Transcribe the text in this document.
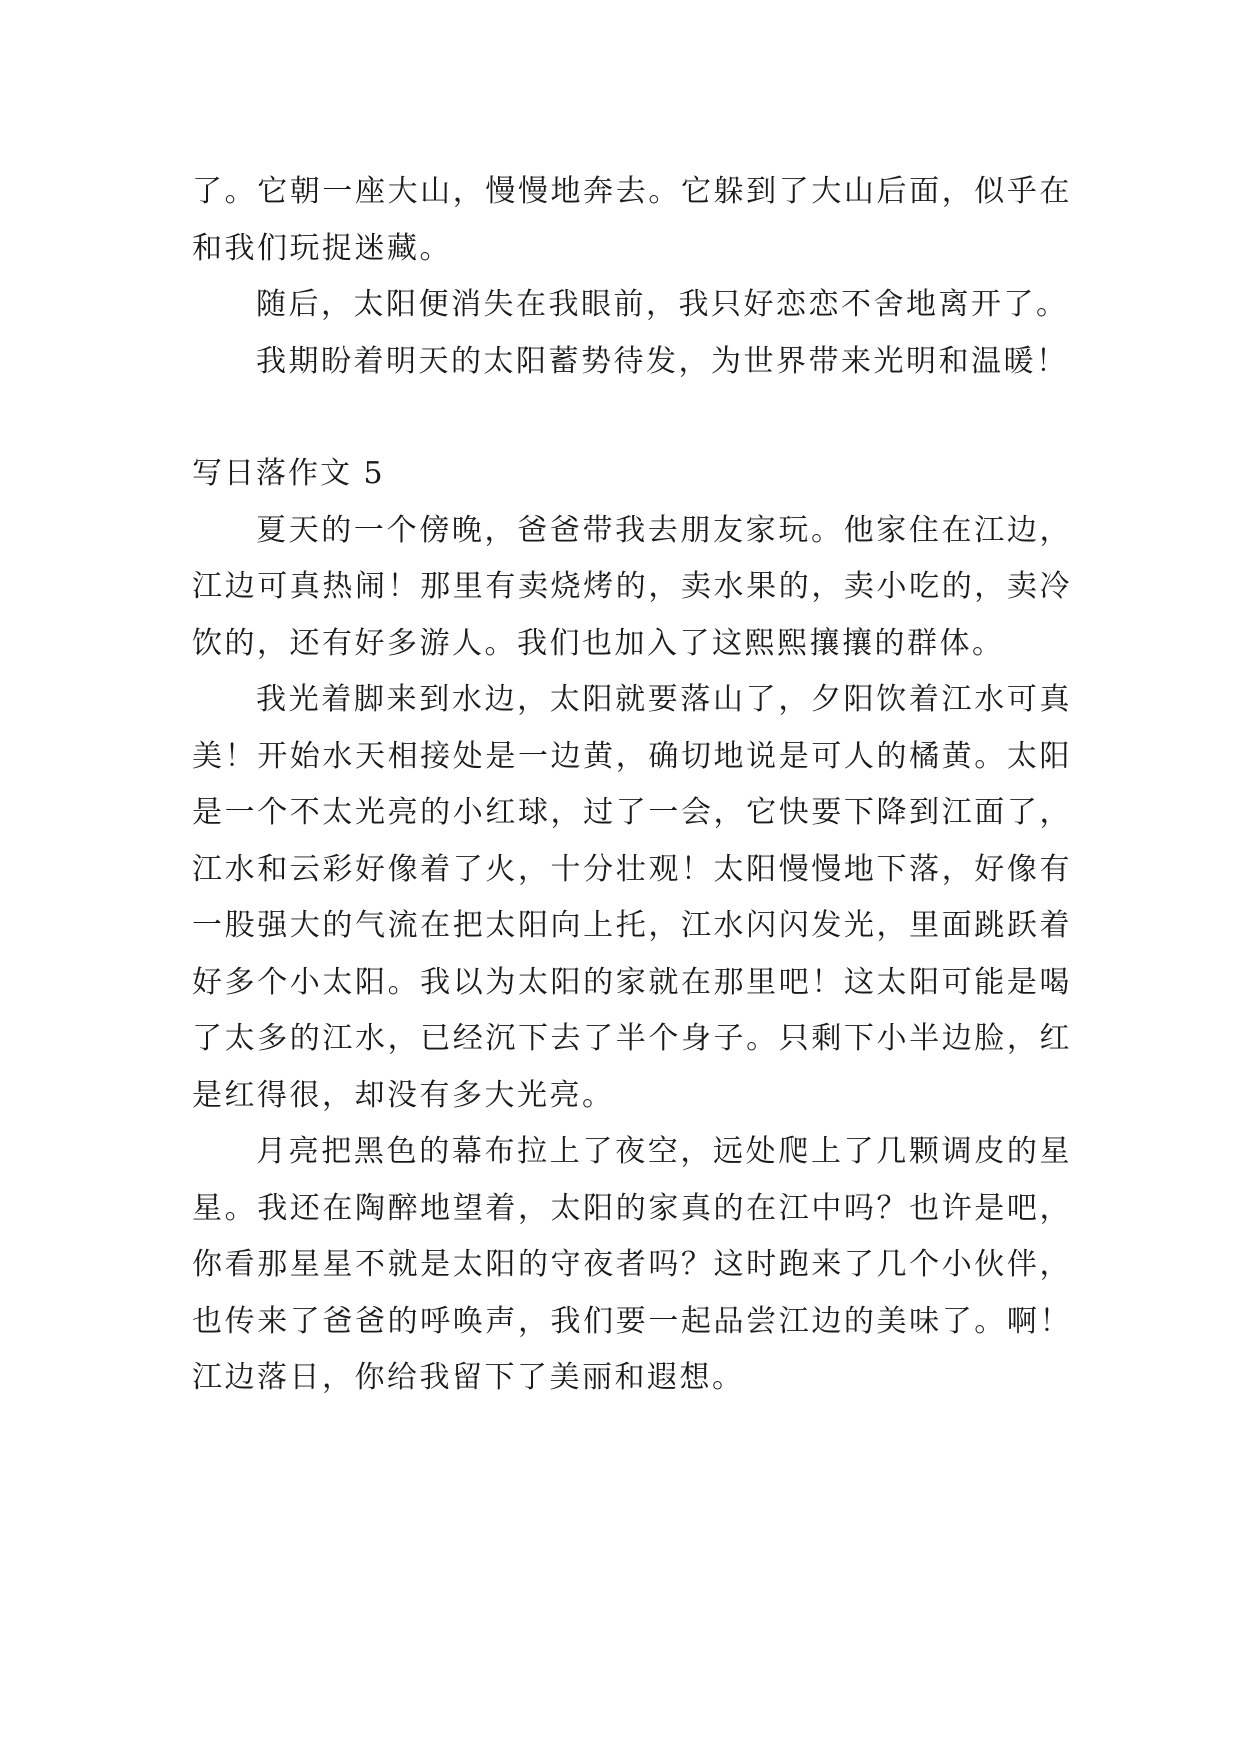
了。它朝一座大山，慢慢地奔去。它躲到了大山后面，似乎在和我们玩捉迷藏。

随后，太阳便消失在我眼前，我只好恋恋不舍地离开了。

我期盼着明天的太阳蓄势待发，为世界带来光明和温暖！

写日落作文 5

夏天的一个傍晚，爸爸带我去朋友家玩。他家住在江边，江边可真热闹！那里有卖烧烤的，卖水果的，卖小吃的，卖冷饮的，还有好多游人。我们也加入了这熙熙攘攘的群体。

我光着脚来到水边，太阳就要落山了，夕阳饮着江水可真美！开始水天相接处是一边黄，确切地说是可人的橘黄。太阳是一个不太光亮的小红球，过了一会，它快要下降到江面了，江水和云彩好像着了火，十分壮观！太阳慢慢地下落，好像有一股强大的气流在把太阳向上托，江水闪闪发光，里面跳跃着好多个小太阳。我以为太阳的家就在那里吧！这太阳可能是喝了太多的江水，已经沉下去了半个身子。只剩下小半边脸，红是红得很，却没有多大光亮。

月亮把黑色的幕布拉上了夜空，远处爬上了几颗调皮的星星。我还在陶醉地望着，太阳的家真的在江中吗？也许是吧，你看那星星不就是太阳的守夜者吗？这时跑来了几个小伙伴，也传来了爸爸的呼唤声，我们要一起品尝江边的美味了。啊！江边落日，你给我留下了美丽和遐想。
